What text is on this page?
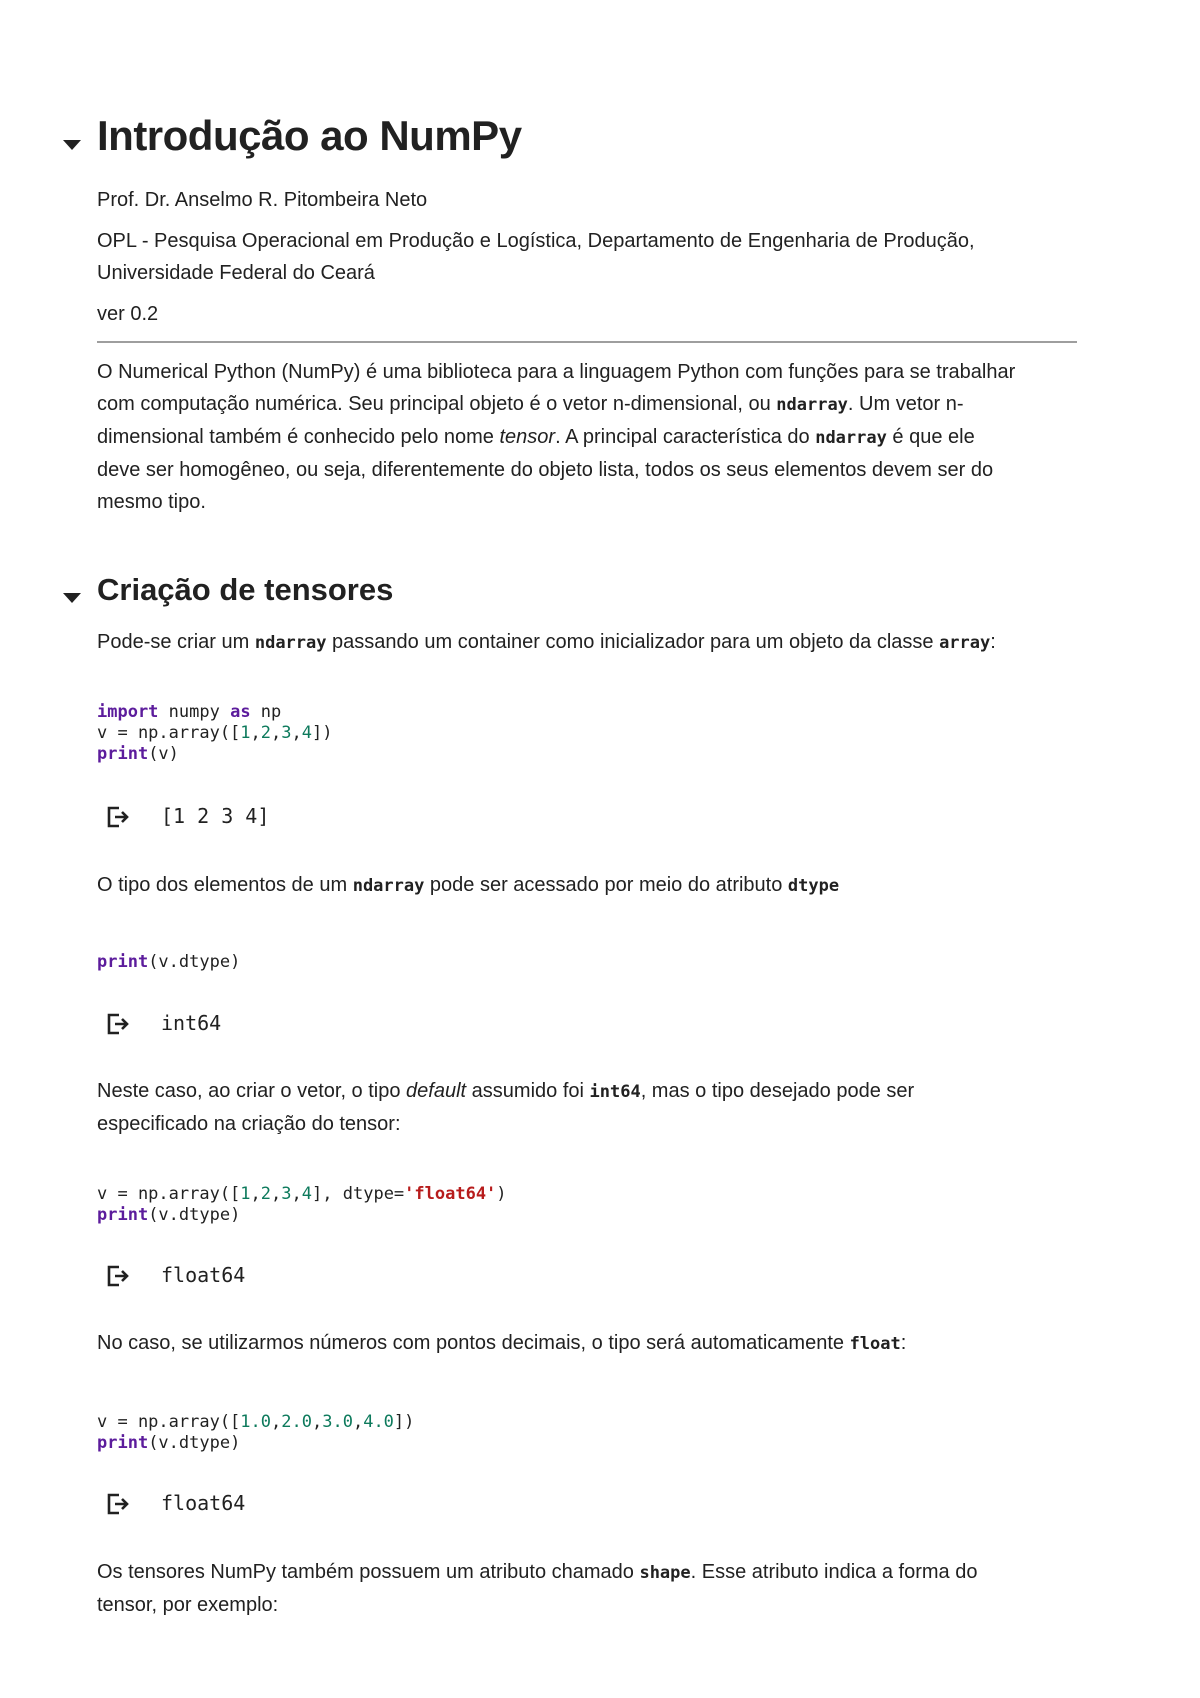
Introdução ao NumPy
Prof. Dr. Anselmo R. Pitombeira Neto
OPL - Pesquisa Operacional em Produção e Logística, Departamento de Engenharia de Produção,
Universidade Federal do Ceará
ver 0.2
O Numerical Python (NumPy) é uma biblioteca para a linguagem Python com funções para se trabalhar
com computação numérica. Seu principal objeto é o vetor n-dimensional, ou ndarray. Um vetor n-
dimensional também é conhecido pelo nome tensor. A principal característica do ndarray é que ele
deve ser homogêneo, ou seja, diferentemente do objeto lista, todos os seus elementos devem ser do
mesmo tipo.
Criação de tensores
Pode-se criar um ndarray passando um container como inicializador para um objeto da classe array:
import numpy as np
v = np.array([1,2,3,4])
print(v)
[1 2 3 4]
O tipo dos elementos de um ndarray pode ser acessado por meio do atributo dtype
print(v.dtype)
int64
Neste caso, ao criar o vetor, o tipo default assumido foi int64, mas o tipo desejado pode ser
especificado na criação do tensor:
v = np.array([1,2,3,4], dtype='float64')
print(v.dtype)
float64
No caso, se utilizarmos números com pontos decimais, o tipo será automaticamente float:
v = np.array([1.0,2.0,3.0,4.0])
print(v.dtype)
float64
Os tensores NumPy também possuem um atributo chamado shape. Esse atributo indica a forma do
tensor, por exemplo:
